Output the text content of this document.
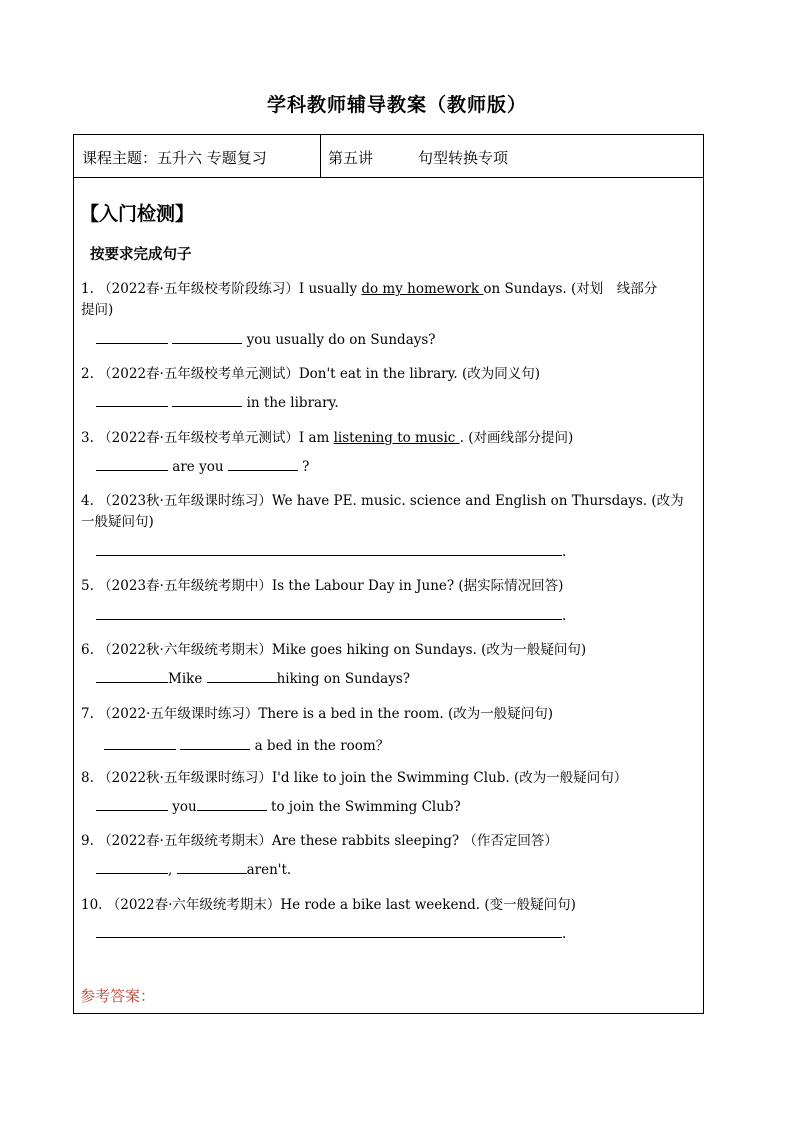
学科教师辅导教案（教师版）
课程主题：五升六 专题复习	第五讲	句型转换专项
【入门检测】
按要求完成句子
1. （2022春·五年级校考阶段练习）I usually do my homework on Sundays. (对划　线部分
提问)
you usually do on Sundays?
2. （2022春·五年级校考单元测试）Don't eat in the library. (改为同义句)
in the library.
3. （2022春·五年级校考单元测试）I am listening to music . (对画线部分提问)
are you	?
4. （2023秋·五年级课时练习）We have PE. music. science and English on Thursdays. (改为
一般疑问句)
.
5. （2023春·五年级统考期中）Is the Labour Day in June? (据实际情况回答)
.
6. （2022秋·六年级统考期末）Mike goes hiking on Sundays. (改为一般疑问句)
Mike	hiking on Sundays?
7. （2022·五年级课时练习）There is a bed in the room. (改为一般疑问句)
a bed in the room？
8. （2022秋·五年级课时练习）I'd like to join the Swimming Club. (改为一般疑问句）
you	to join the Swimming Club?
9. （2022春·五年级统考期末）Are these rabbits sleeping? （作否定回答）
,	aren't.
10. （2022春·六年级统考期末）He rode a bike last weekend. (变一般疑问句)
.
参考答案：
